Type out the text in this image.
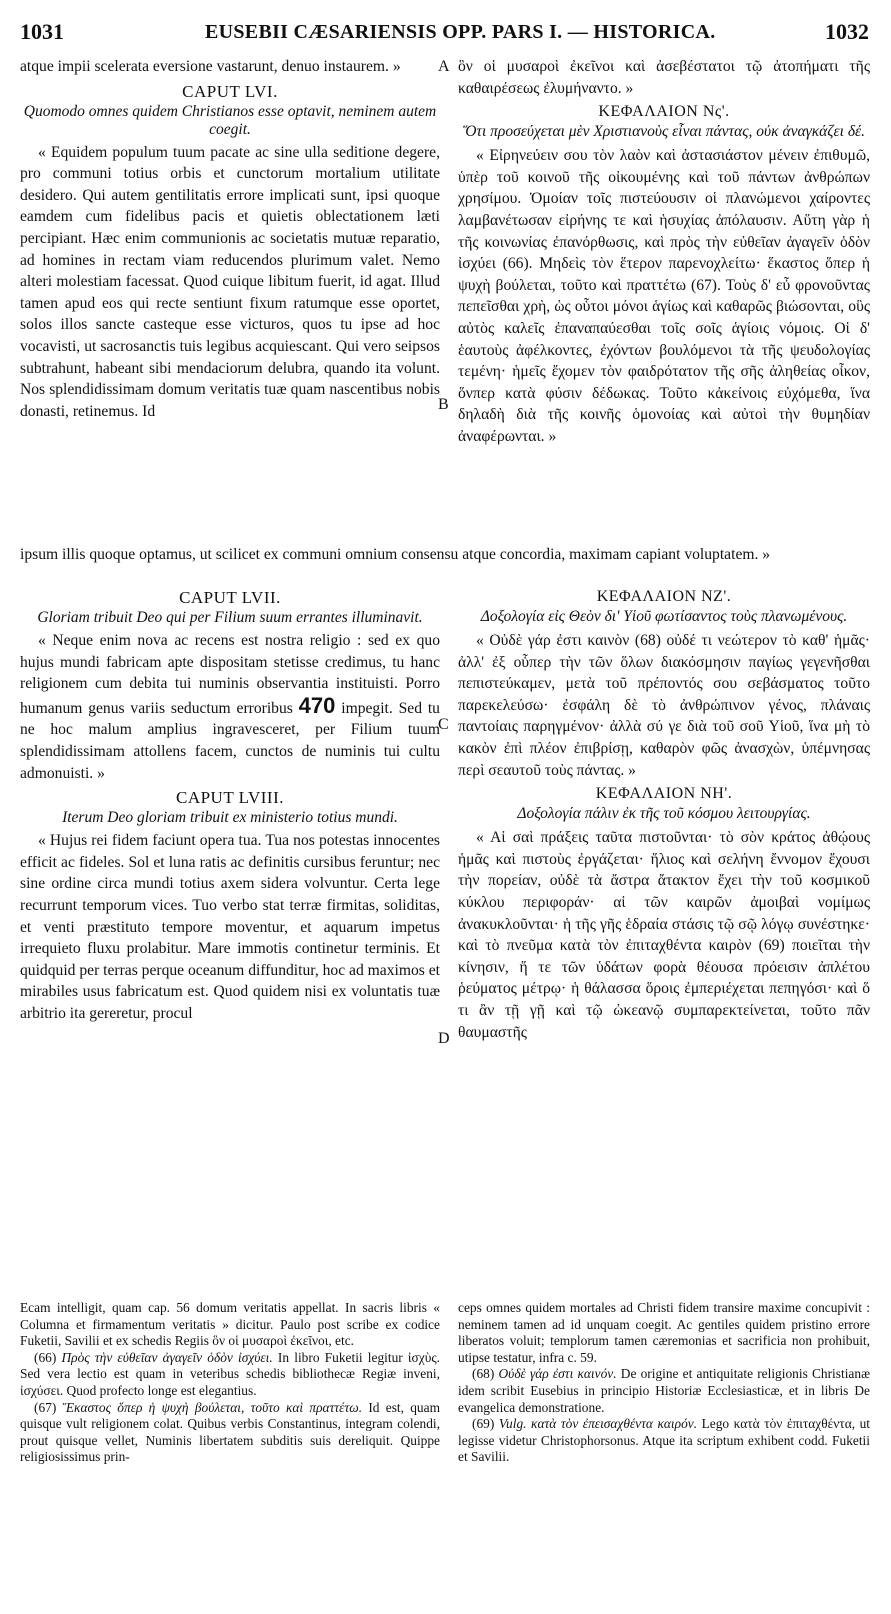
1031	EUSEBII CÆSARIENSIS OPP. PARS I. — HISTORICA.	1032
A
B
C
D

atque impii scelerata eversione vastarunt, denuo instaurem. »

CAPUT LVI.
Quomodo omnes quidem Christianos esse optavit, neminem autem coegit.

« Equidem populum tuum pacate ac sine ulla seditione degere, pro communi totius orbis et cunctorum mortalium utilitate desidero. Qui autem gentilitatis errore implicati sunt, ipsi quoque eamdem cum fidelibus pacis et quietis oblectationem læti percipiant. Hæc enim communionis ac societatis mutuæ reparatio, ad homines in rectam viam reducendos plurimum valet. Nemo alteri molestiam facessat. Quod cuique libitum fuerit, id agat. Illud tamen apud eos qui recte sentiunt fixum ratumque esse oportet, solos illos sancte casteque esse victuros, quos tu ipse ad hoc vocavisti, ut sacrosanctis tuis legibus acquiescant. Qui vero seipsos subtrahunt, habeant sibi mendaciorum delubra, quando ita volunt. Nos splendidissimam domum veritatis tuæ quam nascentibus nobis donasti, retinemus. Id

ipsum illis quoque optamus, ut scilicet ex communi omnium consensu atque concordia, maximam capiant voluptatem. »
CAPUT LVII.
Gloriam tribuit Deo qui per Filium suum errantes illuminavit.

« Neque enim nova ac recens est nostra religio : sed ex quo hujus mundi fabricam apte dispositam stetisse credimus, tu hanc religionem cum debita tui numinis observantia instituisti. Porro humanum genus variis seductum erroribus 470 impegit. Sed tu ne hoc malum amplius ingravesceret, per Filium tuum splendidissimam attollens facem, cunctos de numinis tui cultu admonuisti. »

CAPUT LVIII.
Iterum Deo gloriam tribuit ex ministerio totius mundi.

« Hujus rei fidem faciunt opera tua. Tua nos potestas innocentes efficit ac fideles. Sol et luna ratis ac definitis cursibus feruntur; nec sine ordine circa mundi totius axem sidera volvuntur. Certa lege recurrunt temporum vices. Tuo verbo stat terræ firmitas, soliditas, et venti præstituto tempore moventur, et aquarum impetus irrequieto fluxu prolabitur. Mare immotis continetur terminis. Et quidquid per terras perque oceanum diffunditur, hoc ad maximos et mirabiles usus fabricatum est. Quod quidem nisi ex voluntatis tuæ arbitrio ita gereretur, procul

ὃν οἱ μυσαροὶ ἐκεῖνοι καὶ ἀσεβέστατοι τῷ ἀτοπήματι τῆς καθαιρέσεως ἐλυμήναντο. »

ΚΕΦΑΛΑΙΟΝ Νς'.
Ὅτι προσεύχεται μὲν Χριστιανοὺς εἶναι πάντας, οὐκ ἀναγκάζει δέ.

« Εἰρηνεύειν σου τὸν λαὸν καὶ ἀστασιάστον μένειν ἐπιθυμῶ, ὑπὲρ τοῦ κοινοῦ τῆς οἰκουμένης καὶ τοῦ πάντων ἀνθρώπων χρησίμου. Ὁμοίαν τοῖς πιστεύουσιν οἱ πλανώμενοι χαίροντες λαμβανέτωσαν εἰρήνης τε καὶ ἡσυχίας ἀπόλαυσιν. Αὕτη γὰρ ἡ τῆς κοινωνίας ἐπανόρθωσις, καὶ πρὸς τὴν εὐθεῖαν ἀγαγεῖν ὁδὸν ἰσχύει (66). Μηδεὶς τὸν ἕτερον παρενοχλείτω· ἕκαστος ὅπερ ἡ ψυχὴ βούλεται, τοῦτο καὶ πραττέτω (67). Τοὺς δ' εὖ φρονοῦντας πεπεῖσθαι χρὴ, ὡς οὗτοι μόνοι ἁγίως καὶ καθαρῶς βιώσονται, οὓς αὐτὸς καλεῖς ἐπαναπαύεσθαι τοῖς σοῖς ἁγίοις νόμοις. Οἱ δ' ἑαυτοὺς ἀφέλκοντες, ἐχόντων βουλόμενοι τὰ τῆς ψευδολογίας τεμένη· ἡμεῖς ἔχομεν τὸν φαιδρότατον τῆς σῆς ἀληθείας οἶκον, ὅνπερ κατὰ φύσιν δέδωκας. Τοῦτο κἀκείνοις εὐχόμεθα, ἵνα δηλαδὴ διὰ τῆς κοινῆς ὁμονοίας καὶ αὐτοὶ τὴν θυμηδίαν ἀναφέρωνται. »

ΚΕΦΑΛΑΙΟΝ ΝΖ'.
Δοξολογία εἰς Θεὸν δι' Υἱοῦ φωτίσαντος τοὺς πλανωμένους.

« Οὐδὲ γάρ ἐστι καινὸν (68) οὐδέ τι νεώτερον τὸ καθ' ἡμᾶς· ἀλλ' ἐξ οὗπερ τὴν τῶν ὅλων διακόσμησιν παγίως γεγενῆσθαι πεπιστεύκαμεν, μετὰ τοῦ πρέποντός σου σεβάσματος τοῦτο παρεκελεύσω· ἐσφάλη δὲ τὸ ἀνθρώπινον γένος, πλάναις παντοίαις παρηγμένον· ἀλλὰ σύ γε διὰ τοῦ σοῦ Υἱοῦ, ἵνα μὴ τὸ κακὸν ἐπὶ πλέον ἐπιβρίσῃ, καθαρὸν φῶς ἀνασχὼν, ὑπέμνησας περὶ σεαυτοῦ τοὺς πάντας. »

ΚΕΦΑΛΑΙΟΝ ΝΗ'.
Δοξολογία πάλιν ἐκ τῆς τοῦ κόσμου λειτουργίας.

« Αἱ σαὶ πράξεις ταῦτα πιστοῦνται· τὸ σὸν κράτος ἀθῴους ἡμᾶς καὶ πιστοὺς ἐργάζεται· ἥλιος καὶ σελήνη ἔννομον ἔχουσι τὴν πορείαν, οὐδὲ τὰ ἄστρα ἄτακτον ἔχει τὴν τοῦ κοσμικοῦ κύκλου περιφοράν· αἱ τῶν καιρῶν ἀμοιβαὶ νομίμως ἀνακυκλοῦνται· ἡ τῆς γῆς ἑδραία στάσις τῷ σῷ λόγῳ συνέστηκε· καὶ τὸ πνεῦμα κατὰ τὸν ἐπιταχθέντα καιρὸν (69) ποιεῖται τὴν κίνησιν, ἥ τε τῶν ὑδάτων φορὰ θέουσα πρόεισιν ἀπλέτου ῥεύματος μέτρῳ· ἡ θάλασσα ὅροις ἐμπεριέχεται πεπηγόσι· καὶ ὅ τι ἂν τῇ γῇ καὶ τῷ ὠκεανῷ συμπαρεκτείνεται, τοῦτο πᾶν θαυμαστῆς

Ecam intelligit, quam cap. 56 domum veritatis appellat. In sacris libris « Columna et firmamentum veritatis » dicitur. Paulo post scribe ex codice Fuketii, Savilii et ex schedis Regiis ὃν οἱ μυσαροὶ ἐκεῖνοι, etc.

(66) Πρὸς τὴν εὐθεῖαν ἀγαγεῖν ὁδὸν ἰσχύει. In libro Fuketii legitur ἰσχὺς. Sed vera lectio est quam in veteribus schedis bibliothecæ Regiæ inveni, ἰσχύσει. Quod profecto longe est elegantius.

(67) Ἕκαστος ὅπερ ἡ ψυχὴ βούλεται, τοῦτο καὶ πραττέτω. Id est, quam quisque vult religionem colat. Quibus verbis Constantinus, integram colendi, prout quisque vellet, Numinis libertatem subditis suis dereliquit. Quippe religiosissimus prin-

ceps omnes quidem mortales ad Christi fidem transire maxime concupivit : neminem tamen ad id unquam coegit. Ac gentiles quidem pristino errore liberatos voluit; templorum tamen cæremonias et sacrificia non prohibuit, utipse testatur, infra c. 59.

(68) Οὐδὲ γάρ ἐστι καινόν. De origine et antiquitate religionis Christianæ idem scribit Eusebius in principio Historiæ Ecclesiasticæ, et in libris De evangelica demonstratione.

(69) Vulg. κατὰ τὸν ἐπεισαχθέντα καιρόν. Lego κατὰ τὸν ἐπιταχθέντα, ut legisse videtur Christophorsonus. Atque ita scriptum exhibent codd. Fuketii et Savilii.
